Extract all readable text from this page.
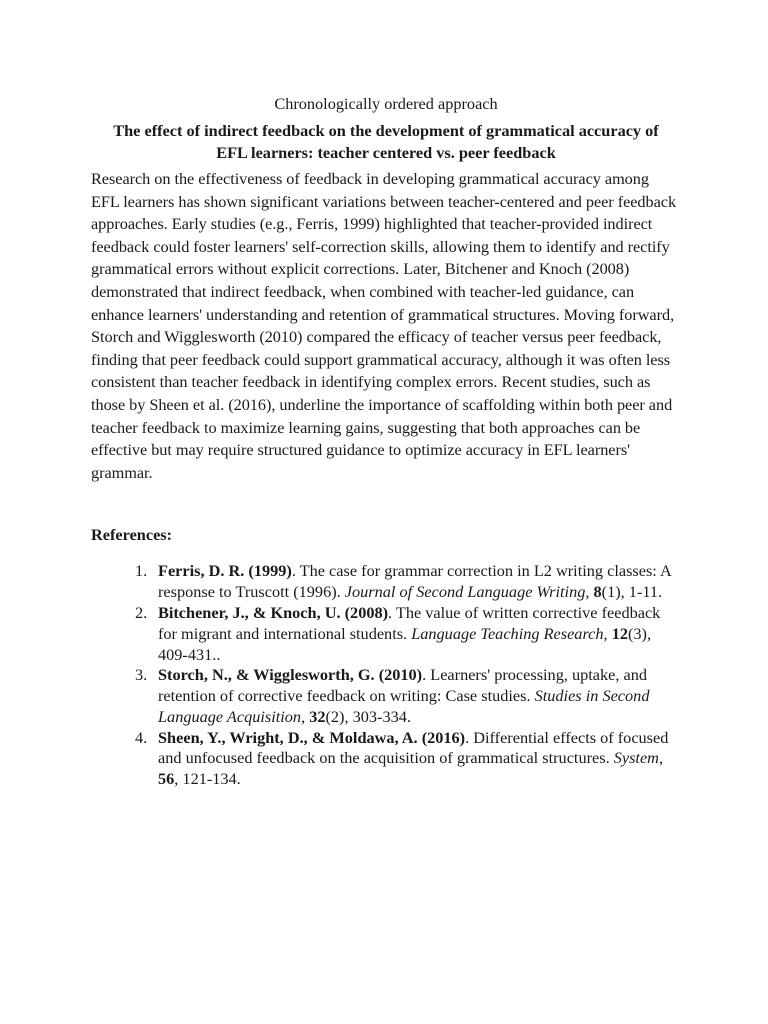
Chronologically ordered approach

The effect of indirect feedback on the development of grammatical accuracy of EFL learners: teacher centered vs. peer feedback

Research on the effectiveness of feedback in developing grammatical accuracy among EFL learners has shown significant variations between teacher-centered and peer feedback approaches. Early studies (e.g., Ferris, 1999) highlighted that teacher-provided indirect feedback could foster learners' self-correction skills, allowing them to identify and rectify grammatical errors without explicit corrections. Later, Bitchener and Knoch (2008) demonstrated that indirect feedback, when combined with teacher-led guidance, can enhance learners' understanding and retention of grammatical structures. Moving forward, Storch and Wigglesworth (2010) compared the efficacy of teacher versus peer feedback, finding that peer feedback could support grammatical accuracy, although it was often less consistent than teacher feedback in identifying complex errors. Recent studies, such as those by Sheen et al. (2016), underline the importance of scaffolding within both peer and teacher feedback to maximize learning gains, suggesting that both approaches can be effective but may require structured guidance to optimize accuracy in EFL learners' grammar.

References:
1. Ferris, D. R. (1999). The case for grammar correction in L2 writing classes: A response to Truscott (1996). Journal of Second Language Writing, 8(1), 1-11.
2. Bitchener, J., & Knoch, U. (2008). The value of written corrective feedback for migrant and international students. Language Teaching Research, 12(3), 409-431..
3. Storch, N., & Wigglesworth, G. (2010). Learners' processing, uptake, and retention of corrective feedback on writing: Case studies. Studies in Second Language Acquisition, 32(2), 303-334.
4. Sheen, Y., Wright, D., & Moldawa, A. (2016). Differential effects of focused and unfocused feedback on the acquisition of grammatical structures. System, 56, 121-134.
